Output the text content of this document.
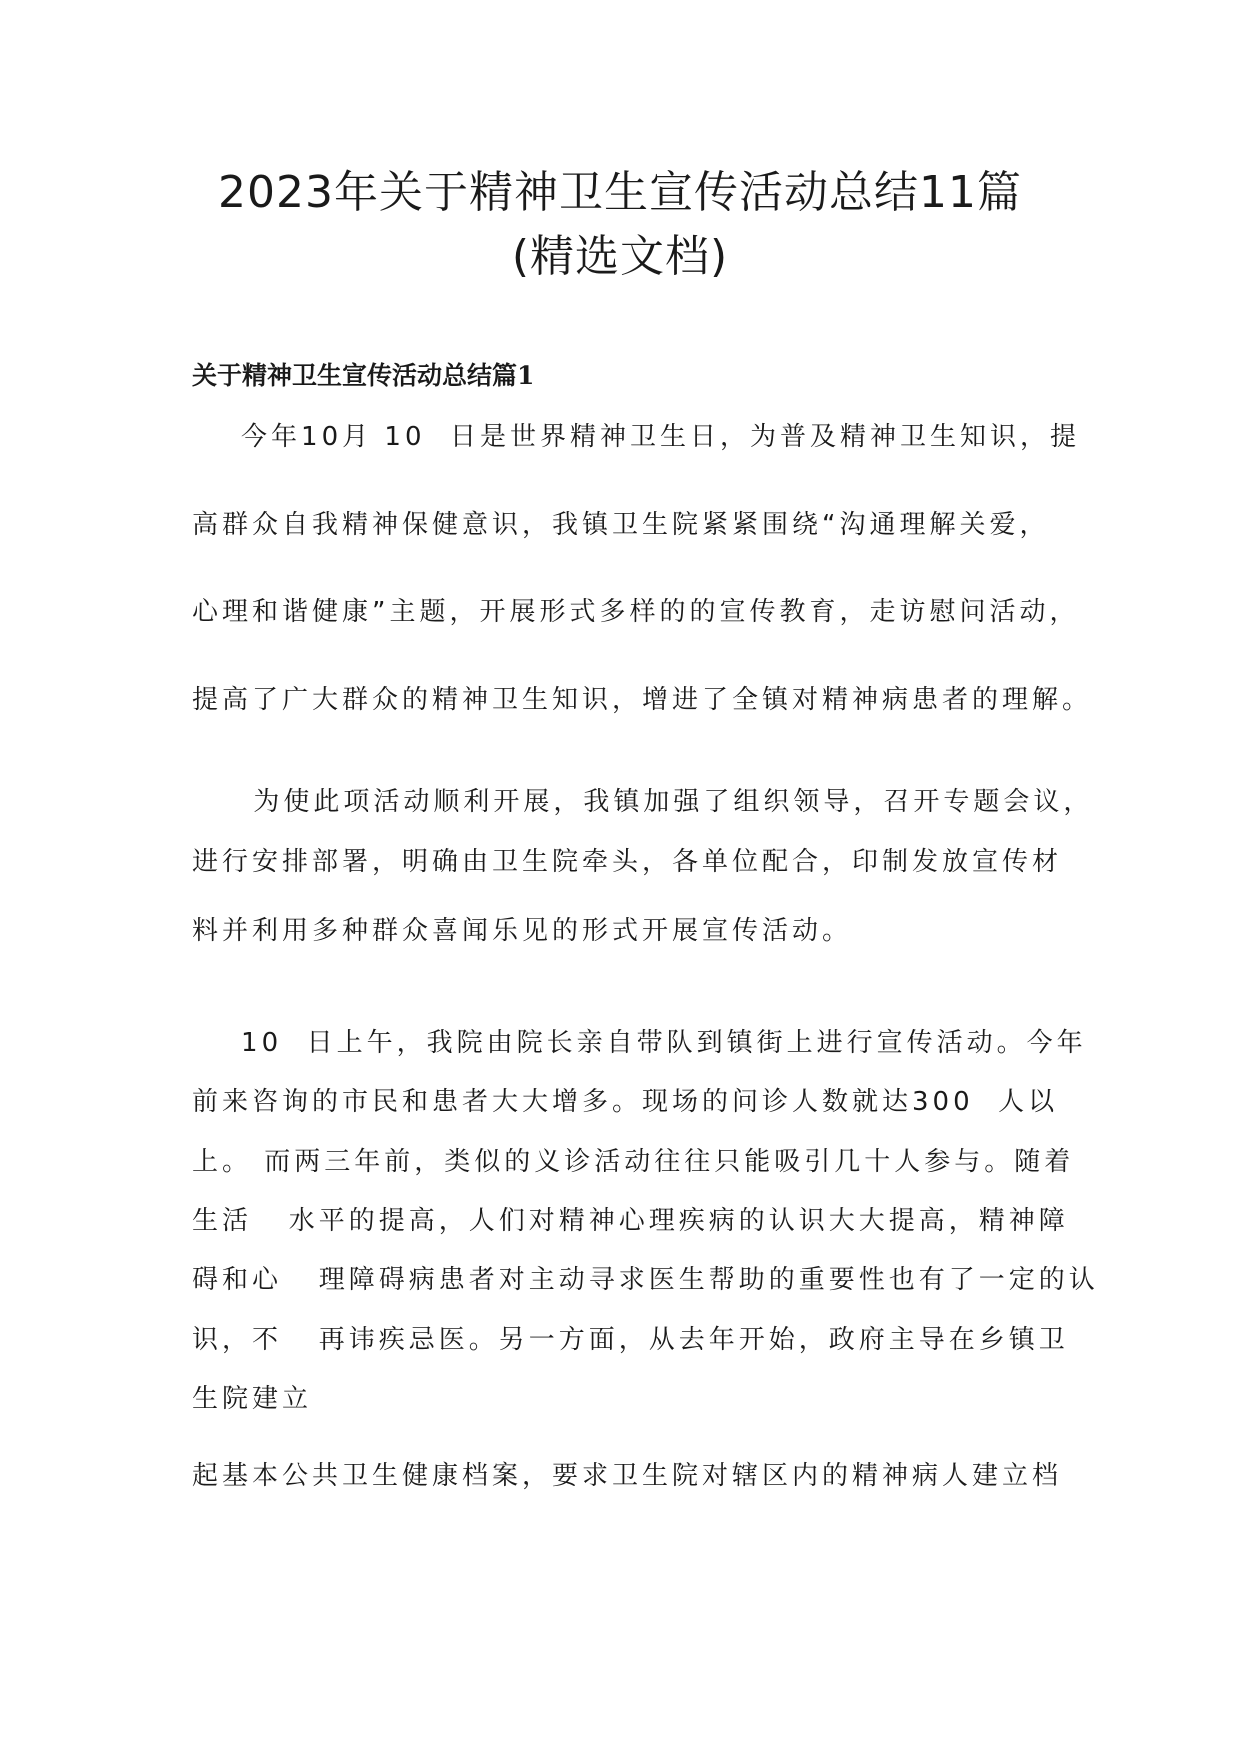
2023年关于精神卫生宣传活动总结11篇
(精选文档)
关于精神卫生宣传活动总结篇1

今年10月 10  日是世界精神卫生日，为普及精神卫生知识，提

高群众自我精神保健意识，我镇卫生院紧紧围绕“沟通理解关爱，

心理和谐健康”主题，开展形式多样的的宣传教育，走访慰问活动，

提高了广大群众的精神卫生知识，增进了全镇对精神病患者的理解。

为使此项活动顺利开展，我镇加强了组织领导，召开专题会议，

进行安排部署，明确由卫生院牵头，各单位配合，印制发放宣传材

料并利用多种群众喜闻乐见的形式开展宣传活动。

10  日上午，我院由院长亲自带队到镇街上进行宣传活动。今年

前来咨询的市民和患者大大增多。现场的问诊人数就达300  人以

上。 而两三年前，类似的义诊活动往往只能吸引几十人参与。随着

生活   水平的提高，人们对精神心理疾病的认识大大提高，精神障

碍和心   理障碍病患者对主动寻求医生帮助的重要性也有了一定的认

识，不   再讳疾忌医。另一方面，从去年开始，政府主导在乡镇卫

生院建立

起基本公共卫生健康档案，要求卫生院对辖区内的精神病人建立档
